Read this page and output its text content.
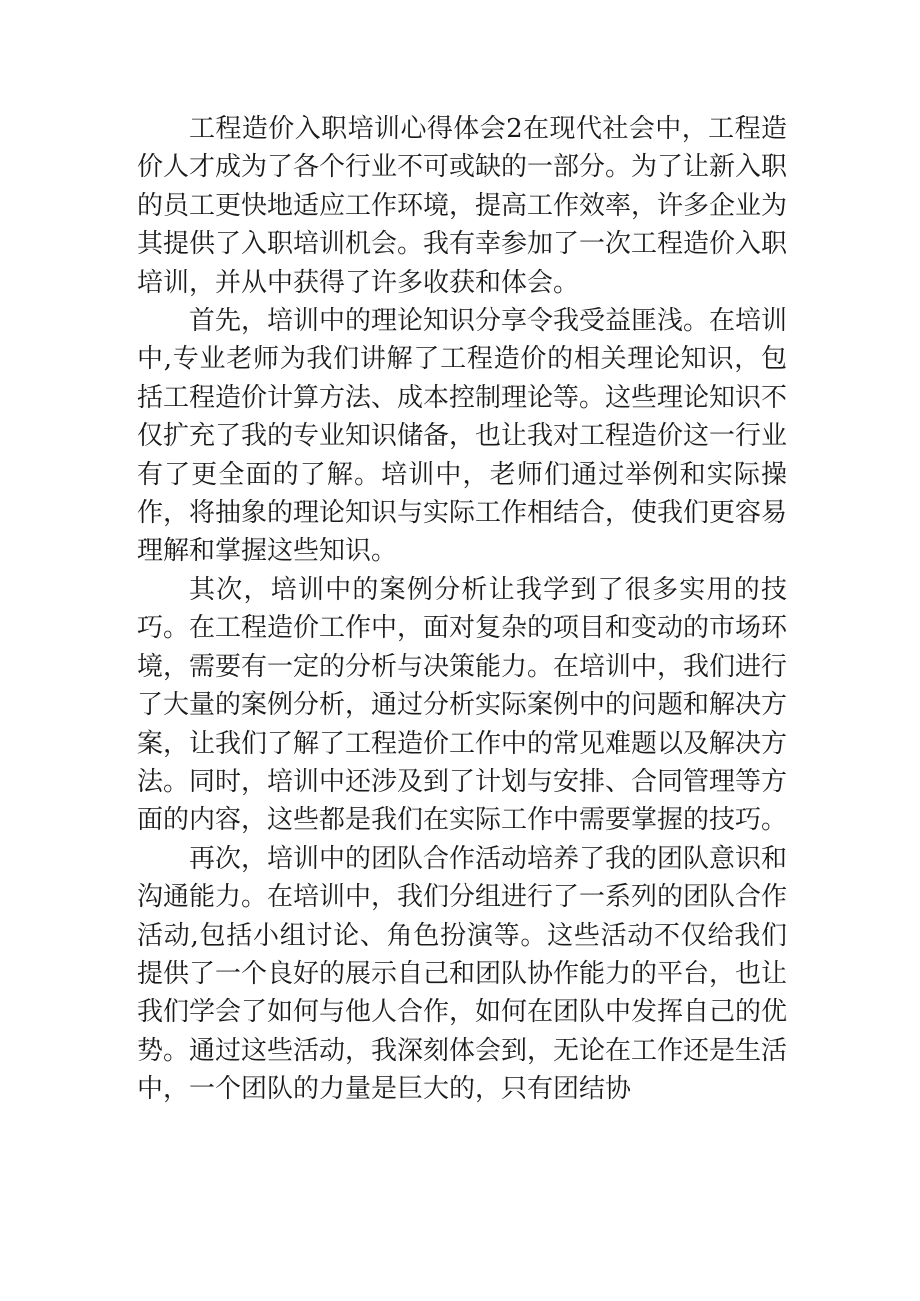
工程造价入职培训心得体会2在现代社会中，工程造价人才成为了各个行业不可或缺的一部分。为了让新入职的员工更快地适应工作环境，提高工作效率，许多企业为其提供了入职培训机会。我有幸参加了一次工程造价入职培训，并从中获得了许多收获和体会。

首先，培训中的理论知识分享令我受益匪浅。在培训中,专业老师为我们讲解了工程造价的相关理论知识，包括工程造价计算方法、成本控制理论等。这些理论知识不仅扩充了我的专业知识储备，也让我对工程造价这一行业有了更全面的了解。培训中，老师们通过举例和实际操作，将抽象的理论知识与实际工作相结合，使我们更容易理解和掌握这些知识。

其次，培训中的案例分析让我学到了很多实用的技巧。在工程造价工作中，面对复杂的项目和变动的市场环境，需要有一定的分析与决策能力。在培训中，我们进行了大量的案例分析，通过分析实际案例中的问题和解决方案，让我们了解了工程造价工作中的常见难题以及解决方法。同时，培训中还涉及到了计划与安排、合同管理等方面的内容，这些都是我们在实际工作中需要掌握的技巧。

再次，培训中的团队合作活动培养了我的团队意识和沟通能力。在培训中，我们分组进行了一系列的团队合作活动,包括小组讨论、角色扮演等。这些活动不仅给我们提供了一个良好的展示自己和团队协作能力的平台，也让我们学会了如何与他人合作，如何在团队中发挥自己的优势。通过这些活动，我深刻体会到，无论在工作还是生活中，一个团队的力量是巨大的，只有团结协
